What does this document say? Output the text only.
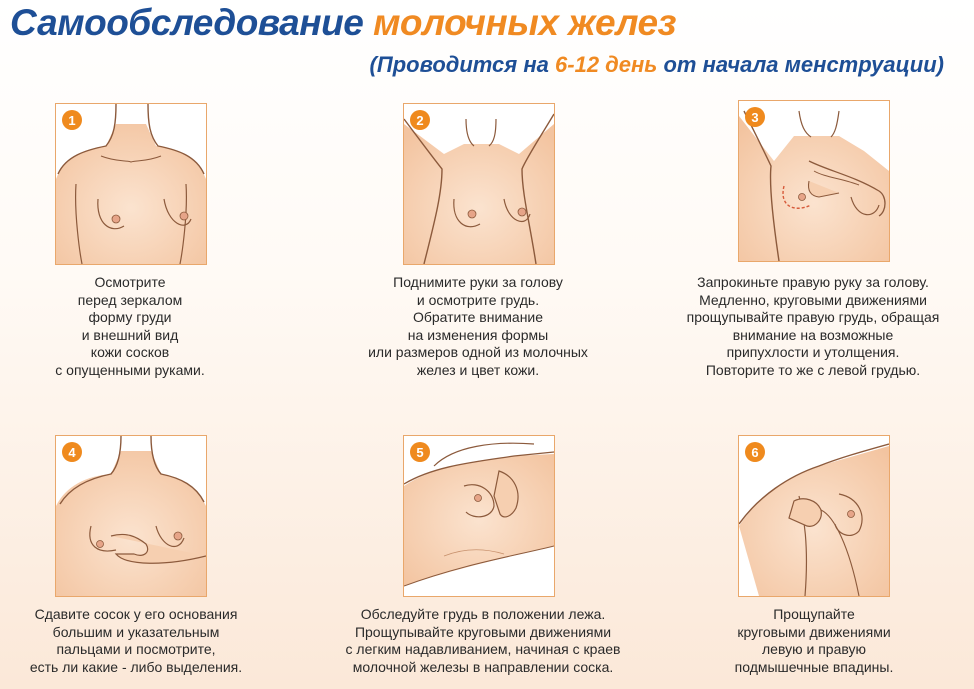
Самообследование молочных желез

(Проводится на 6-12 день от начала менструации)

1	2	3
4	5	6

Осмотрите
перед зеркалом
форму груди
и внешний вид
кожи сосков
с опущенными руками.

Поднимите руки за голову
и осмотрите грудь.
Обратите внимание
на изменения формы
или размеров одной из молочных
желез и цвет кожи.

Запрокиньте правую руку за голову.
Медленно, круговыми движениями
прощупывайте правую грудь, обращая
внимание на возможные
припухлости и утолщения.
Повторите то же с левой грудью.

Сдавите сосок у его основания
большим и указательным
пальцами и посмотрите,
есть ли какие - либо выделения.

Обследуйте грудь в положении лежа.
Прощупывайте круговыми движениями
с легким надавливанием, начиная с краев
молочной железы в направлении соска.

Прощупайте
круговыми движениями
левую и правую
подмышечные впадины.
